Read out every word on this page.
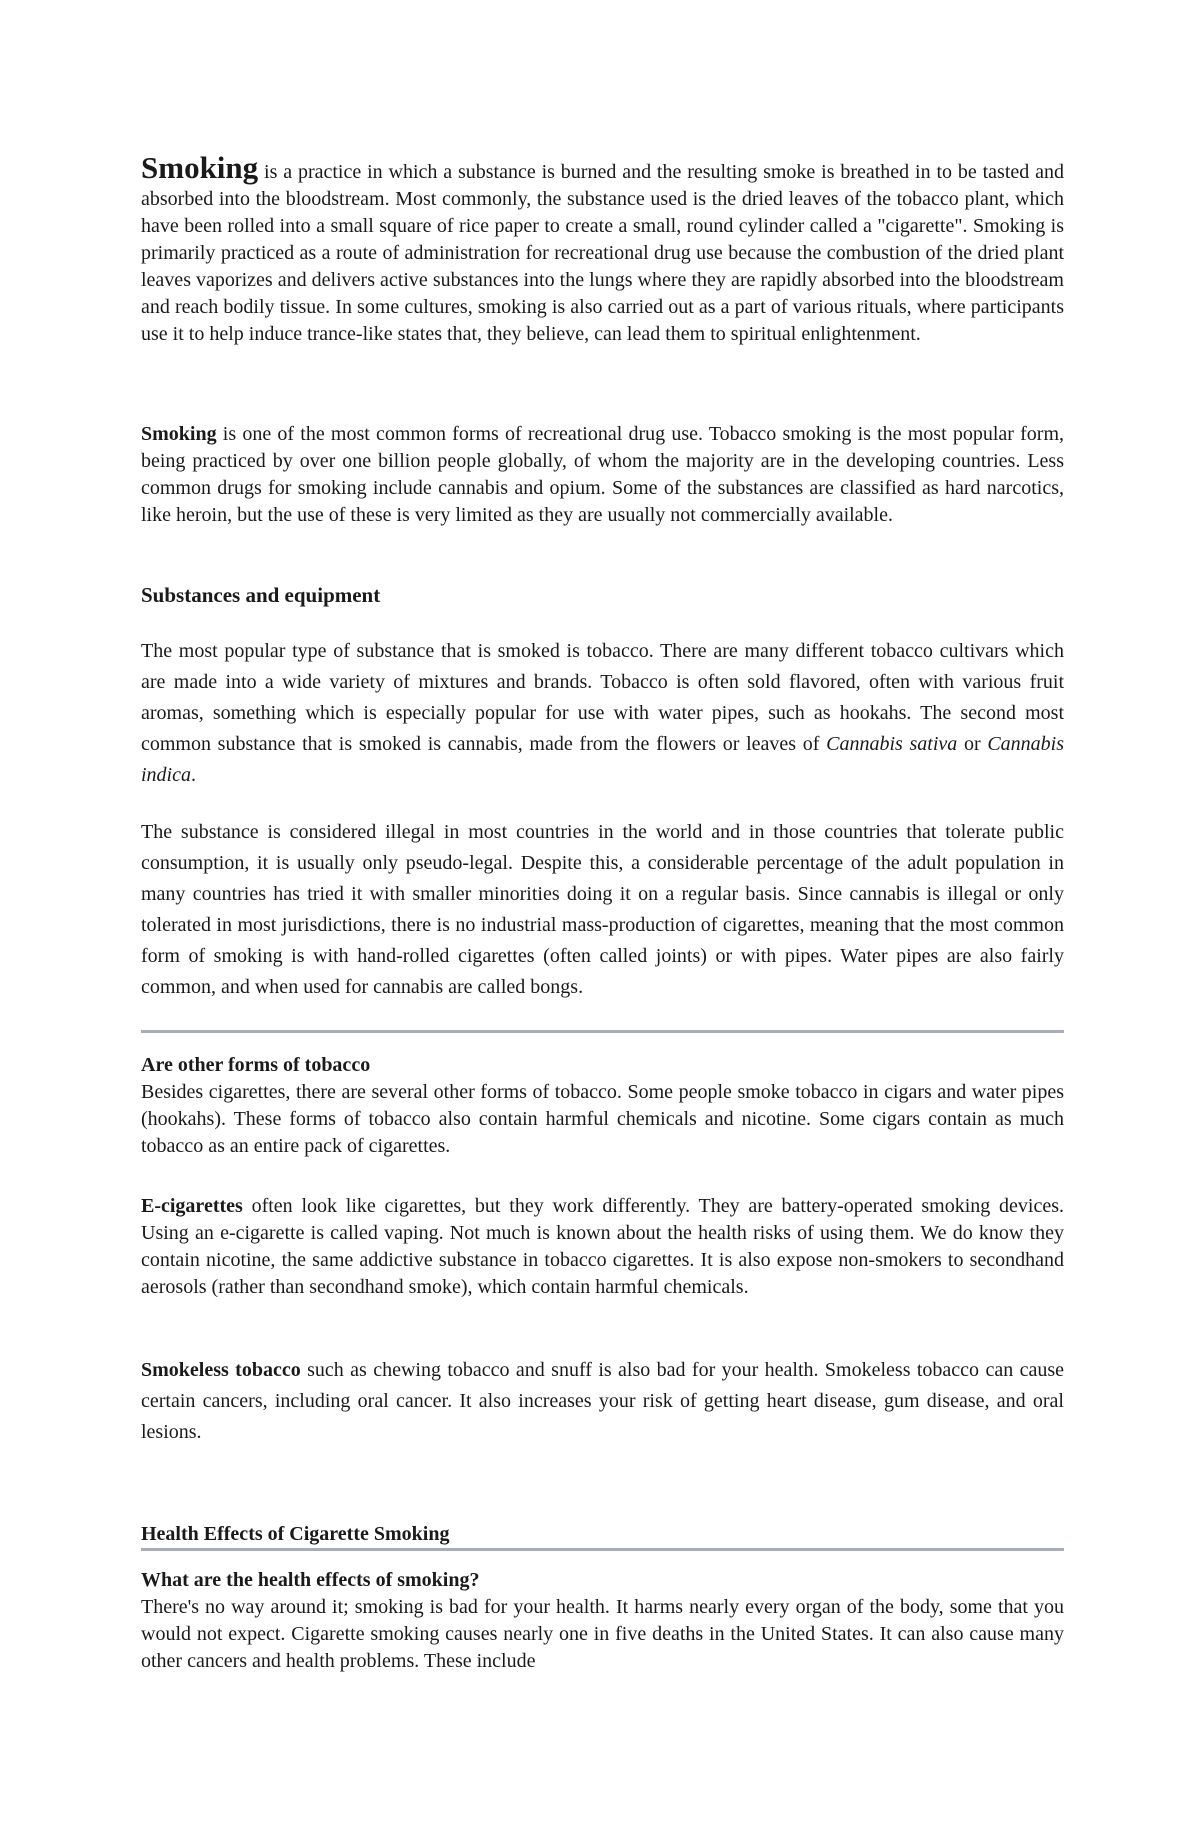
Smoking is a practice in which a substance is burned and the resulting smoke is breathed in to be tasted and absorbed into the bloodstream. Most commonly, the substance used is the dried leaves of the tobacco plant, which have been rolled into a small square of rice paper to create a small, round cylinder called a "cigarette". Smoking is primarily practiced as a route of administration for recreational drug use because the combustion of the dried plant leaves vaporizes and delivers active substances into the lungs where they are rapidly absorbed into the bloodstream and reach bodily tissue. In some cultures, smoking is also carried out as a part of various rituals, where participants use it to help induce trance-like states that, they believe, can lead them to spiritual enlightenment.

Smoking is one of the most common forms of recreational drug use. Tobacco smoking is the most popular form, being practiced by over one billion people globally, of whom the majority are in the developing countries. Less common drugs for smoking include cannabis and opium. Some of the substances are classified as hard narcotics, like heroin, but the use of these is very limited as they are usually not commercially available.

Substances and equipment

The most popular type of substance that is smoked is tobacco. There are many different tobacco cultivars which are made into a wide variety of mixtures and brands. Tobacco is often sold flavored, often with various fruit aromas, something which is especially popular for use with water pipes, such as hookahs. The second most common substance that is smoked is cannabis, made from the flowers or leaves of Cannabis sativa or Cannabis indica.

The substance is considered illegal in most countries in the world and in those countries that tolerate public consumption, it is usually only pseudo-legal. Despite this, a considerable percentage of the adult population in many countries has tried it with smaller minorities doing it on a regular basis. Since cannabis is illegal or only tolerated in most jurisdictions, there is no industrial mass-production of cigarettes, meaning that the most common form of smoking is with hand-rolled cigarettes (often called joints) or with pipes. Water pipes are also fairly common, and when used for cannabis are called bongs.

Are other forms of tobacco

Besides cigarettes, there are several other forms of tobacco. Some people smoke tobacco in cigars and water pipes (hookahs). These forms of tobacco also contain harmful chemicals and nicotine. Some cigars contain as much tobacco as an entire pack of cigarettes.

E-cigarettes often look like cigarettes, but they work differently. They are battery-operated smoking devices. Using an e-cigarette is called vaping. Not much is known about the health risks of using them. We do know they contain nicotine, the same addictive substance in tobacco cigarettes. It is also expose non-smokers to secondhand aerosols (rather than secondhand smoke), which contain harmful chemicals.

Smokeless tobacco such as chewing tobacco and snuff is also bad for your health. Smokeless tobacco can cause certain cancers, including oral cancer. It also increases your risk of getting heart disease, gum disease, and oral lesions.

Health Effects of Cigarette Smoking
What are the health effects of smoking?

There's no way around it; smoking is bad for your health. It harms nearly every organ of the body, some that you would not expect. Cigarette smoking causes nearly one in five deaths in the United States. It can also cause many other cancers and health problems. These include
